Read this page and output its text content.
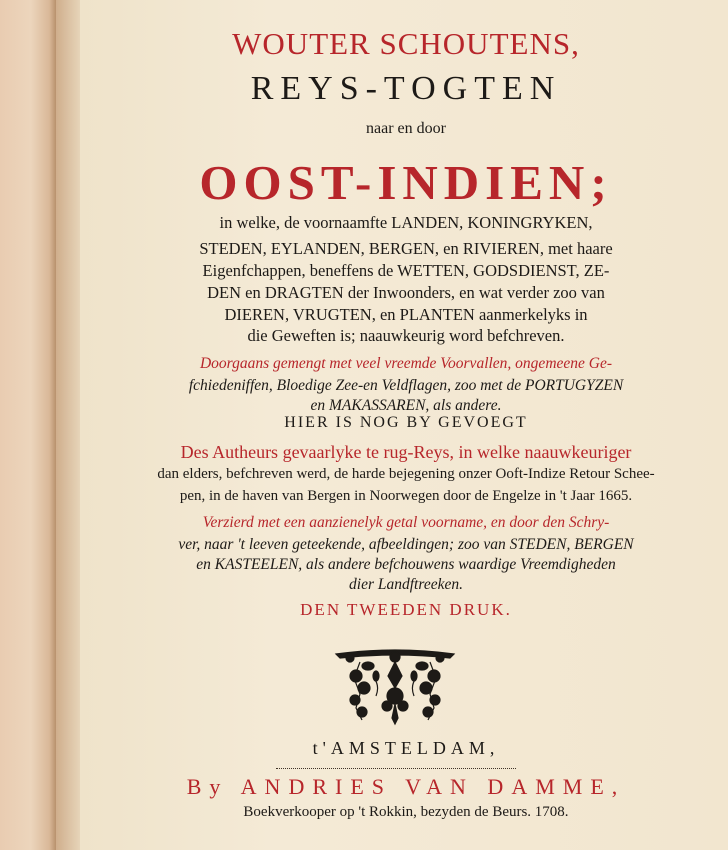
WOUTER SCHOUTENS,
REYS-TOGTEN
naar en door
OOST-INDIEN;
in welke, de voornaamfte LANDEN, KONINGRYKEN,
STEDEN, EYLANDEN, BERGEN, en RIVIEREN, met haare
Eigenfchappen, beneffens de WETTEN, GODSDIENST, ZE-
DEN en DRAGTEN der Inwoonders, en wat verder zoo van
DIEREN, VRUGTEN, en PLANTEN aanmerkelyks in
die Geweften is; naauwkeurig word befchreven.
Doorgaans gemengt met veel vreemde Voorvallen, ongemeene Ge-
fchiedeniffen, Bloedige Zee-en Veldflagen, zoo met de PORTUGYZEN
en MAKASSAREN, als andere.
HIER IS NOG BY GEVOEGT
Des Autheurs gevaarlyke te rug-Reys, in welke naauwkeuriger
dan elders, befchreven werd, de harde bejegening onzer Ooft-Indize Retour Schee-
pen, in de haven van Bergen in Noorwegen door de Engelze in 't Jaar 1665.
Verzierd met een aanzienelyk getal voorname, en door den Schry-
ver, naar 't leeven geteekende, afbeeldingen; zoo van STEDEN, BERGEN
en KASTEELEN, als andere befchouwens waardige Vreemdigheden
dier Landftreeken.
DEN TWEEDEN DRUK.
t'AMSTELDAM,
By ANDRIES VAN DAMME,
Boekverkooper op 't Rokkin, bezyden de Beurs. 1708.
